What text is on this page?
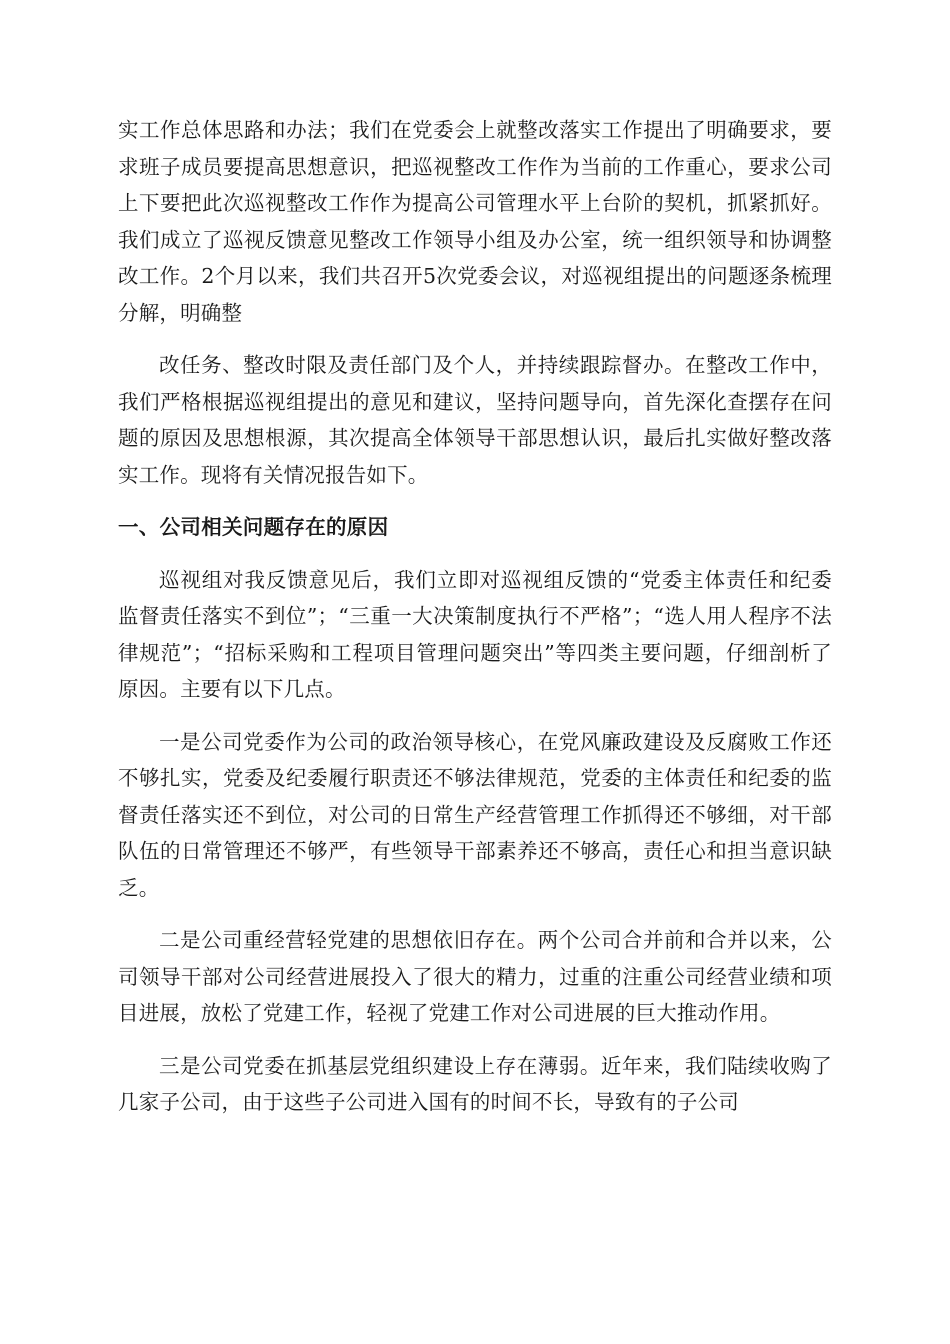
实工作总体思路和办法；我们在党委会上就整改落实工作提出了明确要求，要求班子成员要提高思想意识，把巡视整改工作作为当前的工作重心，要求公司上下要把此次巡视整改工作作为提高公司管理水平上台阶的契机，抓紧抓好。我们成立了巡视反馈意见整改工作领导小组及办公室，统一组织领导和协调整改工作。2个月以来，我们共召开5次党委会议，对巡视组提出的问题逐条梳理分解，明确整

改任务、整改时限及责任部门及个人，并持续跟踪督办。在整改工作中，我们严格根据巡视组提出的意见和建议，坚持问题导向，首先深化查摆存在问题的原因及思想根源，其次提高全体领导干部思想认识，最后扎实做好整改落实工作。现将有关情况报告如下。

一、公司相关问题存在的原因

巡视组对我反馈意见后，我们立即对巡视组反馈的“党委主体责任和纪委监督责任落实不到位”；“三重一大决策制度执行不严格”；“选人用人程序不法律规范”；“招标采购和工程项目管理问题突出”等四类主要问题，仔细剖析了原因。主要有以下几点。

一是公司党委作为公司的政治领导核心，在党风廉政建设及反腐败工作还不够扎实，党委及纪委履行职责还不够法律规范，党委的主体责任和纪委的监督责任落实还不到位，对公司的日常生产经营管理工作抓得还不够细，对干部队伍的日常管理还不够严，有些领导干部素养还不够高，责任心和担当意识缺乏。

二是公司重经营轻党建的思想依旧存在。两个公司合并前和合并以来，公司领导干部对公司经营进展投入了很大的精力，过重的注重公司经营业绩和项目进展，放松了党建工作，轻视了党建工作对公司进展的巨大推动作用。

三是公司党委在抓基层党组织建设上存在薄弱。近年来，我们陆续收购了几家子公司，由于这些子公司进入国有的时间不长，导致有的子公司
